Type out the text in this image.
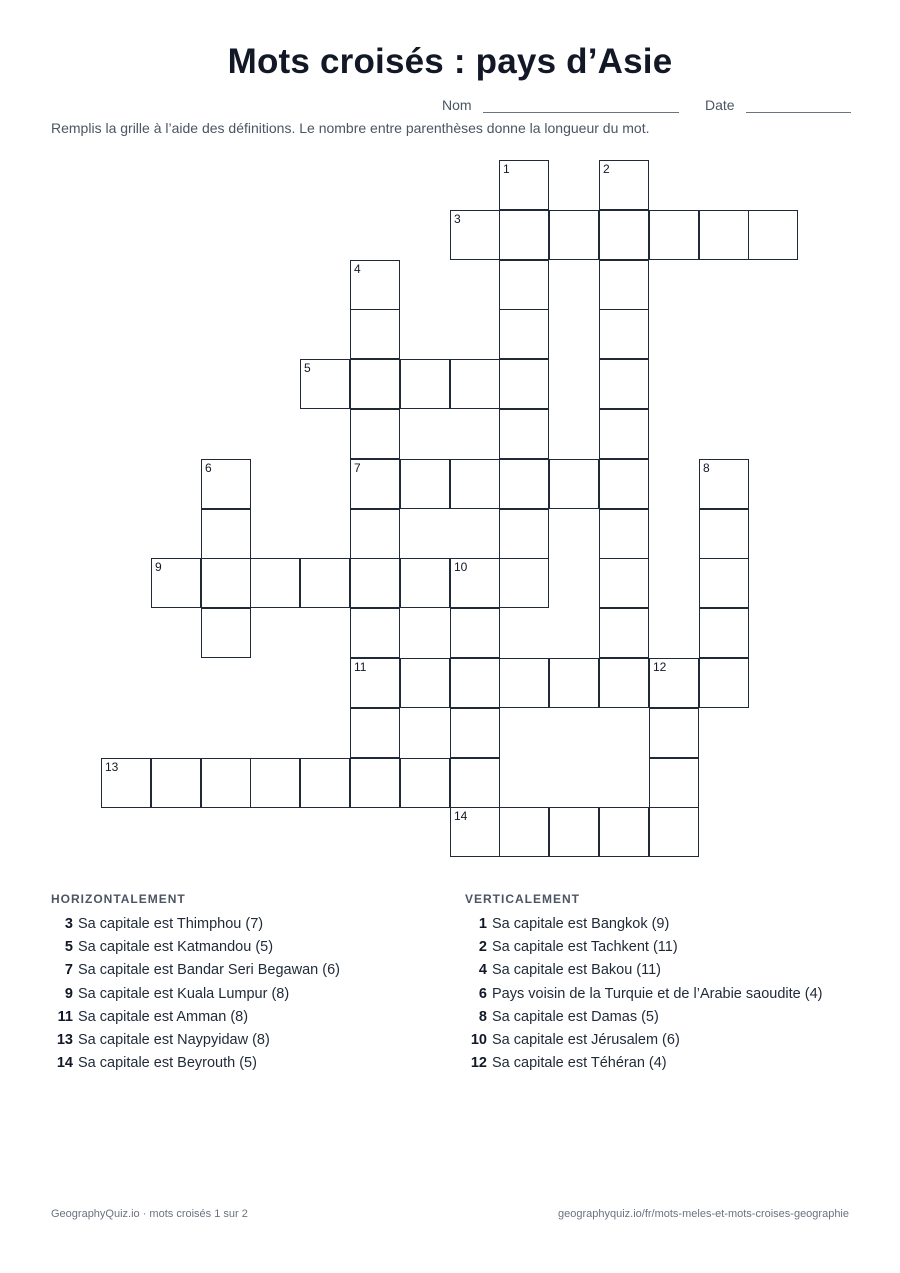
Mots croisés : pays d’Asie
Nom	Date
Remplis la grille à l’aide des définitions. Le nombre entre parenthèses donne la longueur du mot.
1	2
3
4
7
11
5
6	8
9	10
14
12
13
HORIZONTALEMENT
3 Sa capitale est Thimphou (7)
5 Sa capitale est Katmandou (5)
7 Sa capitale est Bandar Seri Begawan (6)
9 Sa capitale est Kuala Lumpur (8)
11 Sa capitale est Amman (8)
13 Sa capitale est Naypyidaw (8)
14 Sa capitale est Beyrouth (5)
VERTICALEMENT
1 Sa capitale est Bangkok (9)
2 Sa capitale est Tachkent (11)
4 Sa capitale est Bakou (11)
6 Pays voisin de la Turquie et de l’Arabie saoudite (4)
8 Sa capitale est Damas (5)
10 Sa capitale est Jérusalem (6)
12 Sa capitale est Téhéran (4)
GeographyQuiz.io · mots croisés 1 sur 2	geographyquiz.io/fr/mots-meles-et-mots-croises-geographie
